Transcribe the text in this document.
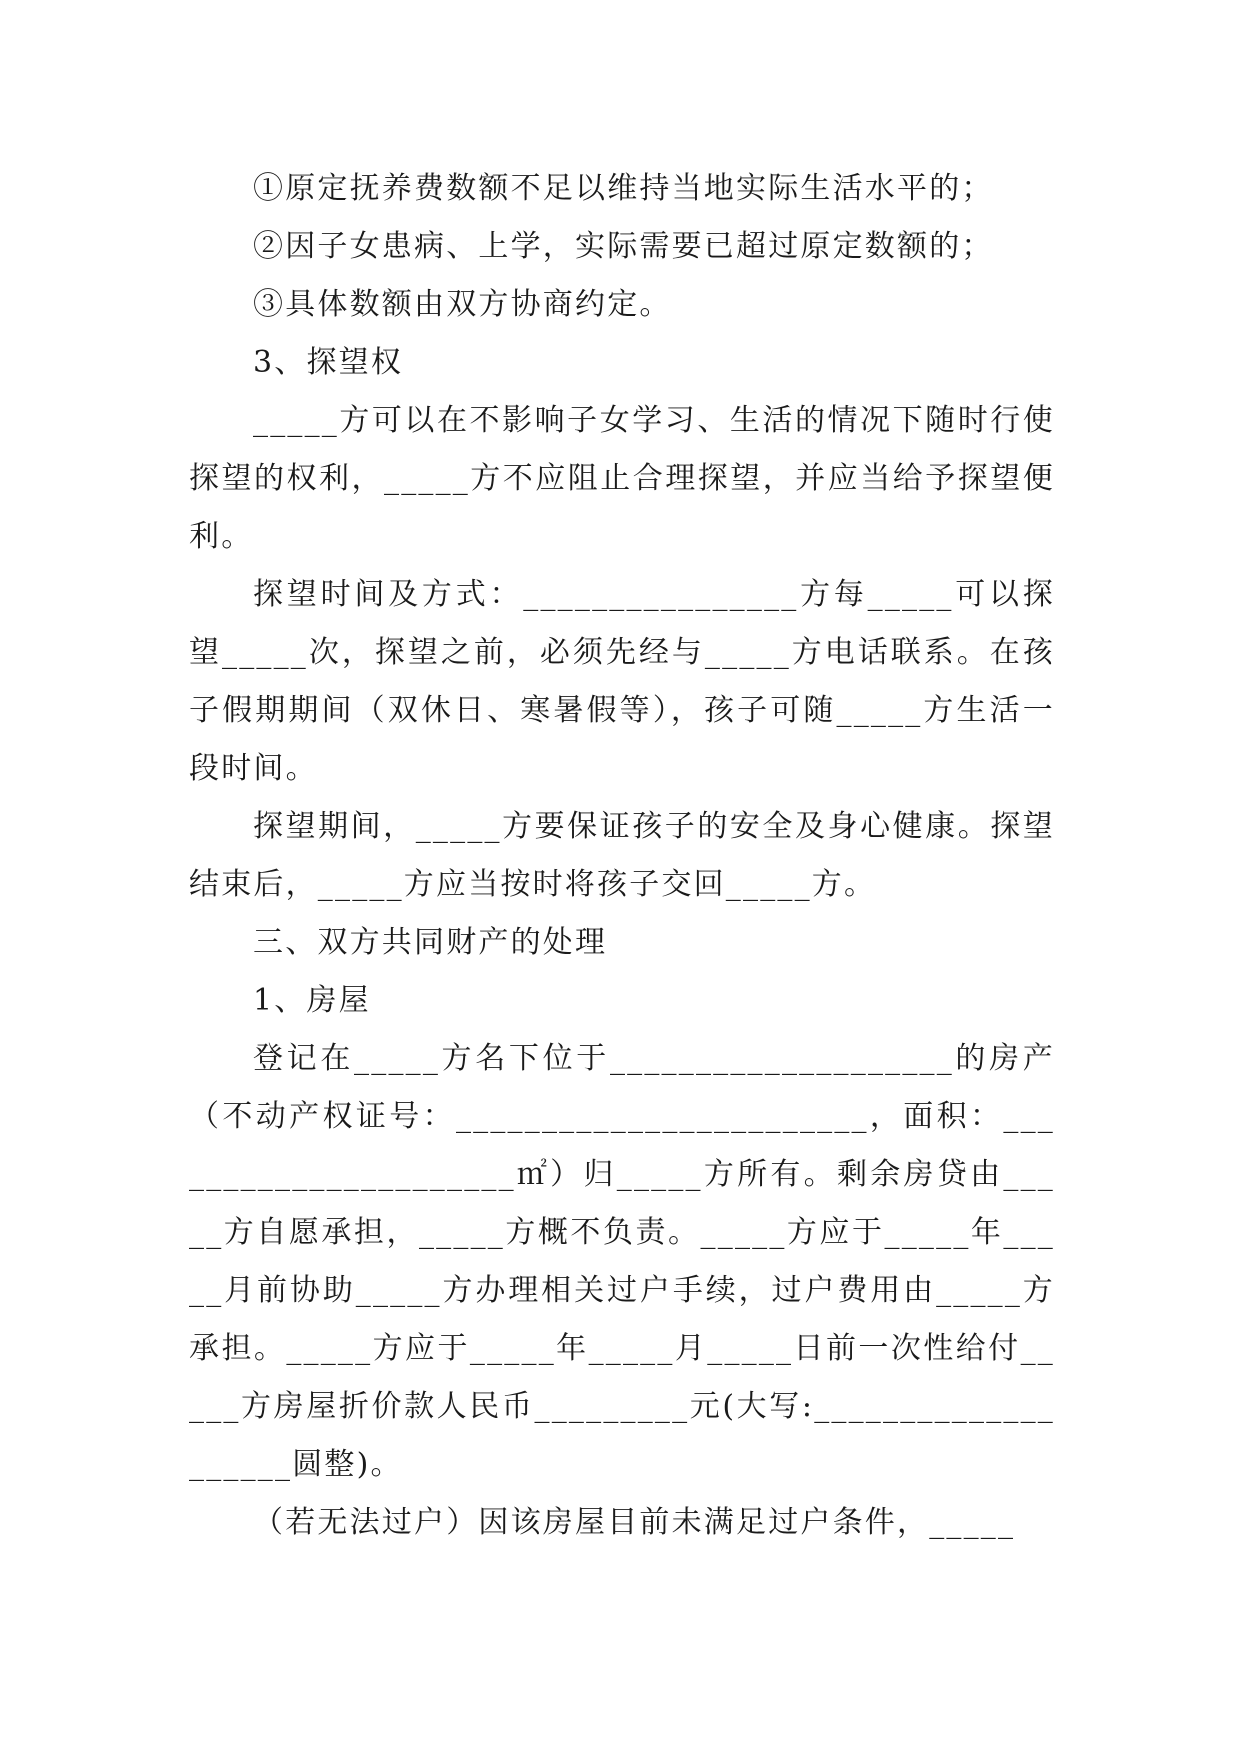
①原定抚养费数额不足以维持当地实际生活水平的；

②因子女患病、上学，实际需要已超过原定数额的；

③具体数额由双方协商约定。

3、探望权

_____方可以在不影响子女学习、生活的情况下随时行使探望的权利，_____方不应阻止合理探望，并应当给予探望便利。

探望时间及方式：________________方每_____可以探望_____次，探望之前，必须先经与_____方电话联系。在孩子假期期间（双休日、寒暑假等），孩子可随_____方生活一段时间。

探望期间，_____方要保证孩子的安全及身心健康。探望结束后，_____方应当按时将孩子交回_____方。

三、双方共同财产的处理

1、房屋

登记在_____方名下位于____________________的房产（不动产权证号：________________________，面积：______________________㎡）归_____方所有。剩余房贷由_____方自愿承担，_____方概不负责。_____方应于_____年_____月前协助_____方办理相关过户手续，过户费用由_____方承担。_____方应于_____年_____月_____日前一次性给付_____方房屋折价款人民币_________元(大写:____________________圆整)。

（若无法过户）因该房屋目前未满足过户条件，_____
